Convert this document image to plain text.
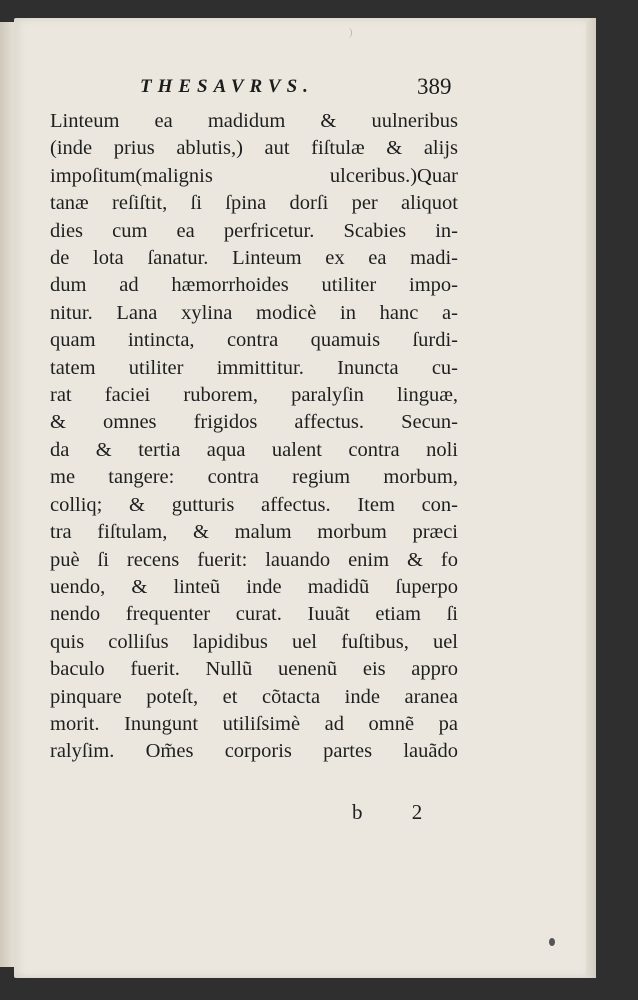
THESAVRVS.	389
Linteum ea madidum & uulneribus
(inde prius ablutis,) aut fiſtulæ & alijs
impoſitum(malignis ulceribus.)Quar
tanæ reſiſtit, ſi ſpina dorſi per aliquot
dies cum ea perfricetur. Scabies in-
de lota ſanatur. Linteum ex ea madi-
dum ad hæmorrhoides utiliter impo-
nitur. Lana xylina modicè in hanc a-
quam intincta, contra quamuis ſurdi-
tatem utiliter immittitur. Inuncta cu-
rat faciei ruborem, paralyſin linguæ,
& omnes frigidos affectus. Secun-
da & tertia aqua ualent contra noli
me tangere: contra regium morbum,
colliq; & gutturis affectus. Item con-
tra fiſtulam, & malum morbum præci
puè ſi recens fuerit: lauando enim & fo
uendo, & linteũ inde madidũ ſuperpo
nendo frequenter curat. Iuuãt etiam ſi
quis colliſus lapidibus uel fuſtibus, uel
baculo fuerit. Nullũ uenenũ eis appro
pinquare poteſt, et cõtacta inde aranea
morit. Inungunt utiliſsimè ad omnẽ pa
ralyſim. Om̃es corporis partes lauãdo
b 2
